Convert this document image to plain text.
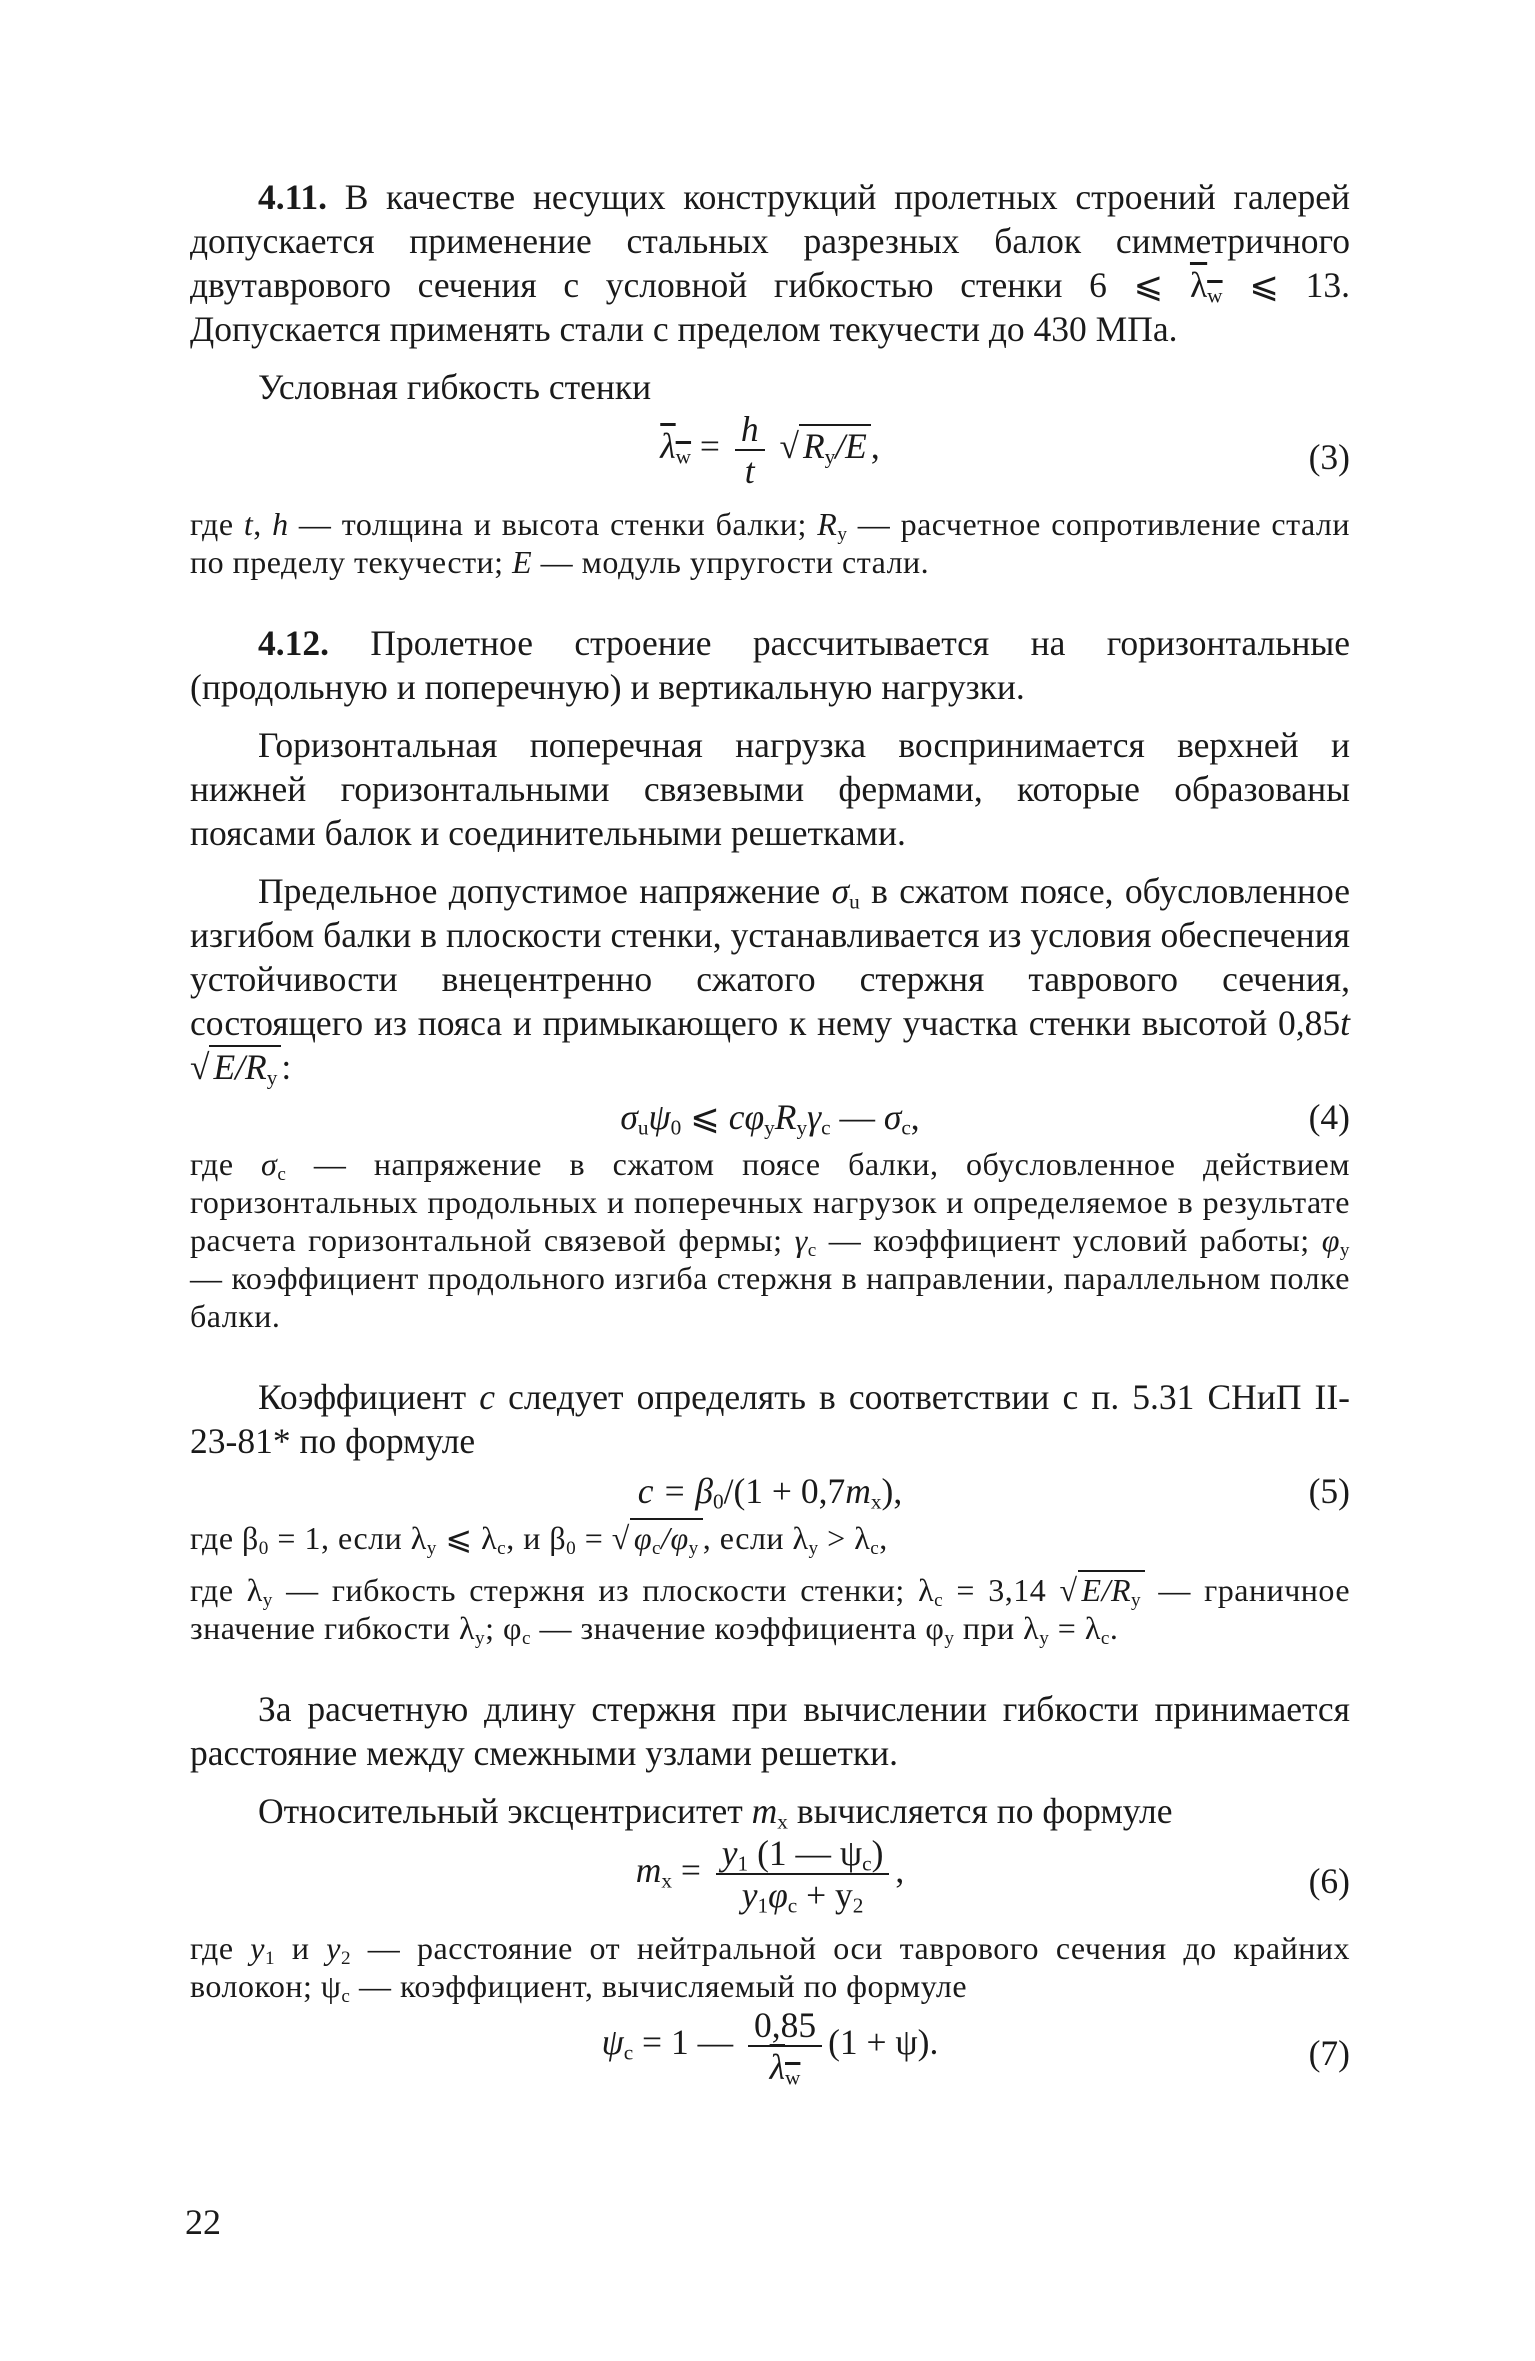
4.11. В качестве несущих конструкций пролетных строений галерей допускается применение стальных разрезных балок симметричного двутаврового сечения с условной гибкостью стенки 6 ⩽ $\lambda_w$ ⩽ 13. Допускается применять стали с пределом текучести до 430 МПа.

Условная гибкость стенки

$\lambda_w = \frac{h}{t}$ √ $R_y/E$ ,	(3)

где t, h — толщина и высота стенки балки; $R_y$ — расчетное сопротивление стали по пределу текучести; E — модуль упругости стали.

4.12. Пролетное строение рассчитывается на горизонтальные (продольную и поперечную) и вертикальную нагрузки.

Горизонтальная поперечная нагрузка воспринимается верхней и нижней горизонтальными связевыми фермами, которые образованы поясами балок и соединительными решетками.

Предельное допустимое напряжение $\sigma_u$ в сжатом поясе, обусловленное изгибом балки в плоскости стенки, устанавливается из условия обеспечения устойчивости внецентренно сжатого стержня таврового сечения, состоящего из пояса и примыкающего к нему участка стенки высотой 0,85t √ $E/R_y$ :

$\sigma_u\psi_0$ ⩽ $c\varphi_yR_y\gamma_c$ — $\sigma_c$,	(4)

где $\sigma_c$ — напряжение в сжатом поясе балки, обусловленное действием горизонтальных продольных и поперечных нагрузок и определяемое в результате расчета горизонтальной связевой фермы; $\gamma_c$ — коэффициент условий работы; $\varphi_y$ — коэффициент продольного изгиба стержня в направлении, параллельном полке балки.

Коэффициент c следует определять в соответствии с п. 5.31 СНиП II-23-81* по формуле

$c = \beta_0/(1 + 0,7m_x)$,	(5)

где $\beta_0 = 1$, если $\lambda_y$ ⩽ $\lambda_c$, и $\beta_0$ = √ $\varphi_c/\varphi_y$ , если $\lambda_y > \lambda_c$,

где $\lambda_y$ — гибкость стержня из плоскости стенки; $\lambda_c = 3,14$ √ $E/R_y$ — граничное значение гибкости $\lambda_y$; $\varphi_c$ — значение коэффициента $\varphi_y$ при $\lambda_y = \lambda_c$.

За расчетную длину стержня при вычислении гибкости принимается расстояние между смежными узлами решетки.

Относительный эксцентриситет $m_x$ вычисляется по формуле

$m_x = \frac{y_1 (1 — \psi_c)}{y_1\varphi_c + y_2}$ ,	(6)

где $y_1$ и $y_2$ — расстояние от нейтральной оси таврового сечения до крайних волокон; $\psi_c$ — коэффициент, вычисляемый по формуле

$\psi_c = 1$ — $\frac{0,85}{\lambda_w} (1 + \psi)$.	(7)
22
